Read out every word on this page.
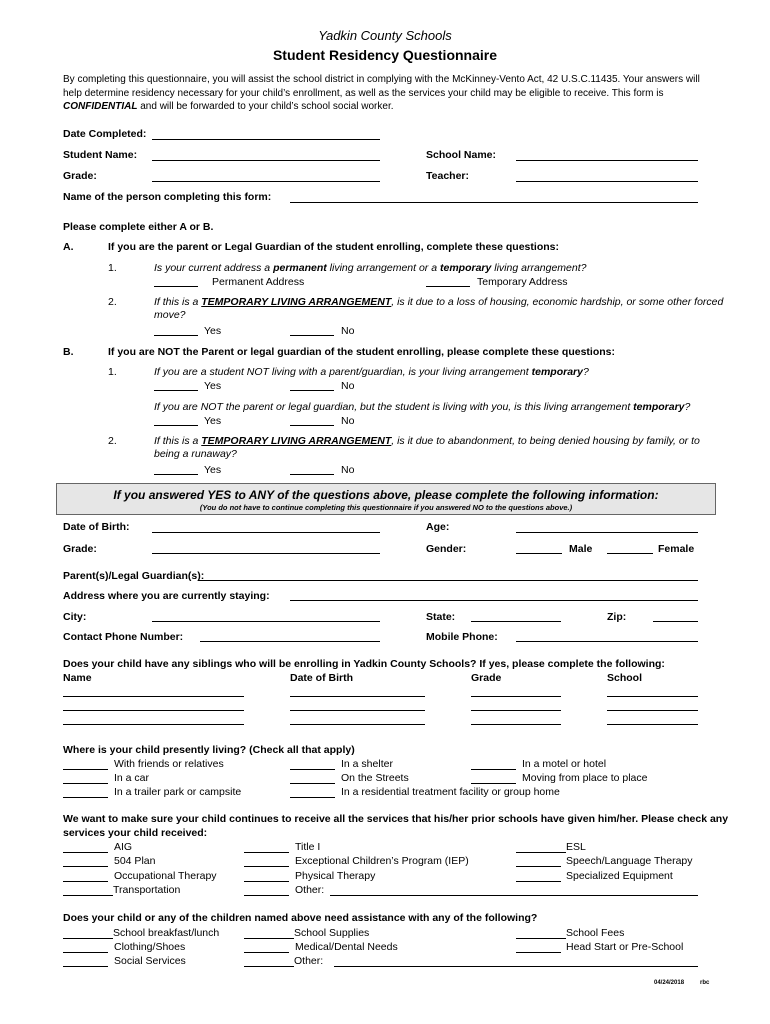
Yadkin County Schools
Student Residency Questionnaire
By completing this questionnaire, you will assist the school district in complying with the McKinney-Vento Act, 42 U.S.C.11435. Your answers will help determine residency necessary for your child’s enrollment, as well as the services your child may be eligible to receive. This form is CONFIDENTIAL and will be forwarded to your child’s school social worker.
Date Completed:
Student Name:	School Name:
Grade:	Teacher:
Name of the person completing this form:
Please complete either A or B.
A.	If you are the parent or Legal Guardian of the student enrolling, complete these questions:
1.	Is your current address a permanent living arrangement or a temporary living arrangement?
Permanent Address	Temporary Address
2.	If this is a TEMPORARY LIVING ARRANGEMENT, is it due to a loss of housing, economic hardship, or some other forced
move?
Yes	No
B.	If you are NOT the Parent or legal guardian of the student enrolling, please complete these questions:
1.	If you are a student NOT living with a parent/guardian, is your living arrangement temporary?
Yes	No
If you are NOT the parent or legal guardian, but the student is living with you, is this living arrangement temporary?
Yes	No
2.	If this is a TEMPORARY LIVING ARRANGEMENT, is it due to abandonment, to being denied housing by family, or to
being a runaway?
Yes	No
If you answered YES to ANY of the questions above, please complete the following information:
(You do not have to continue completing this questionnaire if you answered NO to the questions above.)
Date of Birth:	Age:
Grade:	Gender:	Male	Female
Parent(s)/Legal Guardian(s):
Address where you are currently staying:
City:	State:	Zip:
Contact Phone Number:	Mobile Phone:
Does your child have any siblings who will be enrolling in Yadkin County Schools? If yes, please complete the following:
Name	Date of Birth	Grade	School
Where is your child presently living? (Check all that apply)
With friends or relatives	In a shelter	In a motel or hotel
In a car	On the Streets	Moving from place to place
In a trailer park or campsite	In a residential treatment facility or group home
We want to make sure your child continues to receive all the services that his/her prior schools have given him/her. Please check any
services your child received:
AIG	Title I	ESL
504 Plan	Exceptional Children’s Program (IEP)	Speech/Language Therapy
Occupational Therapy	Physical Therapy	Specialized Equipment
Transportation	Other:
Does your child or any of the children named above need assistance with any of the following?
School breakfast/lunch	School Supplies	School Fees
Clothing/Shoes	Medical/Dental Needs	Head Start or Pre-School
Social Services	Other:
04/24/2018	rbc
